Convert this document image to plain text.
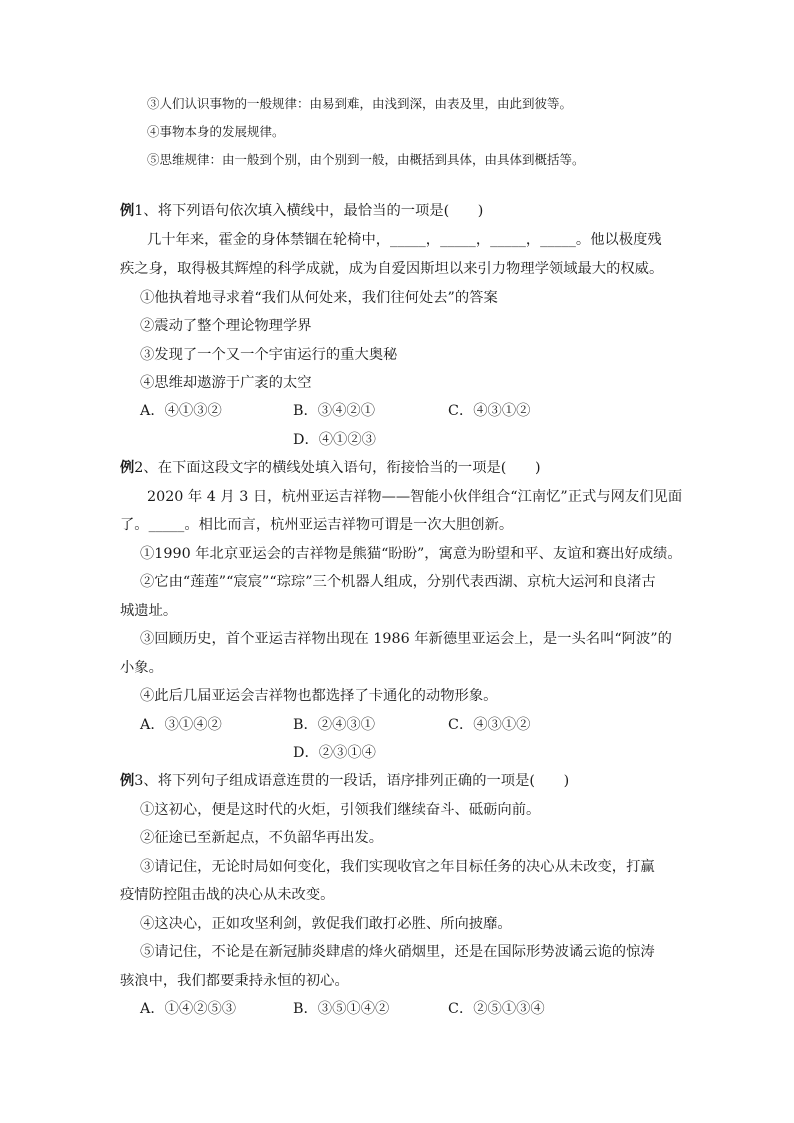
③人们认识事物的一般规律：由易到难，由浅到深，由表及里，由此到彼等。
④事物本身的发展规律。
⑤思维规律：由一般到个别，由个别到一般，由概括到具体，由具体到概括等。
例1、将下列语句依次填入横线中，最恰当的一项是(　　)
几十年来，霍金的身体禁锢在轮椅中，_____，_____，_____，_____。他以极度残
疾之身，取得极其辉煌的科学成就，成为自爱因斯坦以来引力物理学领域最大的权威。
①他执着地寻求着“我们从何处来，我们往何处去”的答案
②震动了整个理论物理学界
③发现了一个又一个宇宙运行的重大奥秘
④思维却遨游于广袤的太空
A．④①③②	B．③④②①	C．④③①②
D．④①②③
例2、在下面这段文字的横线处填入语句，衔接恰当的一项是(　　)
2020 年 4 月 3 日，杭州亚运吉祥物——智能小伙伴组合“江南忆”正式与网友们见面
了。_____。相比而言，杭州亚运吉祥物可谓是一次大胆创新。
①1990 年北京亚运会的吉祥物是熊猫“盼盼”，寓意为盼望和平、友谊和赛出好成绩。
②它由“莲莲”“宸宸”“琮琮”三个机器人组成，分别代表西湖、京杭大运河和良渚古
城遗址。
③回顾历史，首个亚运吉祥物出现在 1986 年新德里亚运会上，是一头名叫“阿波”的
小象。
④此后几届亚运会吉祥物也都选择了卡通化的动物形象。
A．③①④②	B．②④③①	C．④③①②
D．②③①④
例3、将下列句子组成语意连贯的一段话，语序排列正确的一项是(　　)
①这初心，便是这时代的火炬，引领我们继续奋斗、砥砺向前。
②征途已至新起点，不负韶华再出发。
③请记住，无论时局如何变化，我们实现收官之年目标任务的决心从未改变，打赢
疫情防控阻击战的决心从未改变。
④这决心，正如攻坚利剑，敦促我们敢打必胜、所向披靡。
⑤请记住，不论是在新冠肺炎肆虐的烽火硝烟里，还是在国际形势波谲云诡的惊涛
骇浪中，我们都要秉持永恒的初心。
A．①④②⑤③	B．③⑤①④②	C．②⑤①③④
